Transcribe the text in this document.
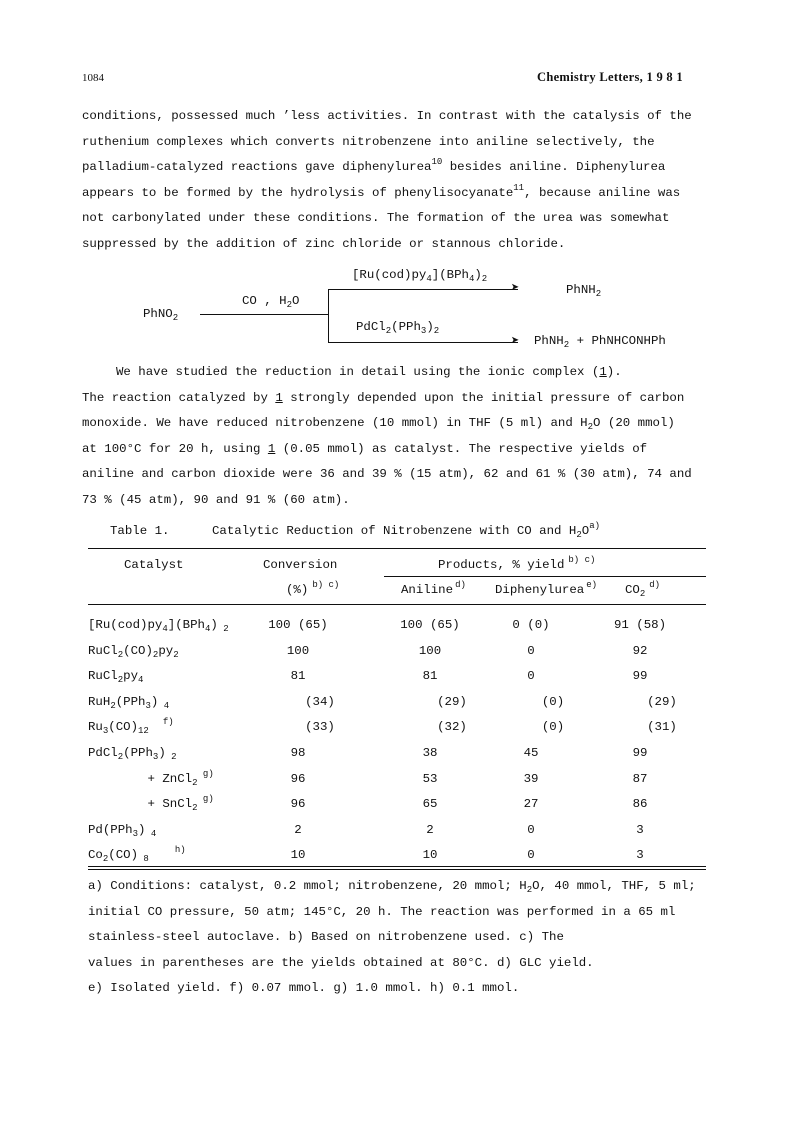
1084	Chemistry Letters, 1 9 8 1
conditions, possessed much ’less activities. In contrast with the catalysis of the
ruthenium complexes which converts nitrobenzene into aniline selectively, the
palladium-catalyzed reactions gave diphenylurea$^{10}$ besides aniline. Diphenylurea
appears to be formed by the hydrolysis of phenylisocyanate$^{11}$, because aniline was
not carbonylated under these conditions. The formation of the urea was somewhat
suppressed by the addition of zinc chloride or stannous chloride.
PhNO$_2$
CO , $H_2O$
➤
➤
$[Ru(cod)py_4](BPh_4)_2$
PhNH$_2$
$PdCl_2(PPh_3)_2$
PhNH$_2$ + PhNHCONHPh
We have studied the reduction in detail using the ionic complex (1).
The reaction catalyzed by 1 strongly depended upon the initial pressure of carbon
monoxide. We have reduced nitrobenzene (10 mmol) in THF (5 ml) and $H_2O$ (20 mmol)
at 100°C for 20 h, using 1 (0.05 mmol) as catalyst. The respective yields of
aniline and carbon dioxide were 36 and 39 % (15 atm), 62 and 61 % (30 atm), 74 and
73 % (45 atm), 90 and 91 % (60 atm).
Table 1.	Catalytic Reduction of Nitrobenzene with CO and $H_2O^{a)}$
Catalyst	Conversion
(%) $^{b) c)}$
Products, % yield $^{b) c)}$
Aniline $^{d)}$ Diphenylurea $^{e)}$ $CO_2^{d)}$
$[Ru(cod)py_4](BPh_4)$ $_2$	100 (65)	100 (65)	0 (0)	91 (58)
$RuCl_2(CO)_2py_2$	100	100	0	92
$RuCl_2py_4$	81	81	0	99
RuH$_2$(PPh$_3$) $_4$	(34)	(29)	(0)	(29)
$Ru_3(CO)_{12}^{f)}$	(33)	(32)	(0)	(31)
PdCl$_2$(PPh$_3$) $_2$	98	38	45	99
+ ZnCl$_2$ $^{g)}$	96	53	39	87
+ SnCl$_2$ $^{g)}$	96	65	27	86
Pd(PPh$_3$) $_4$	2	2	0	3
$Co_2(CO)$ $_8^{h)}$	10	10	0	3
a) Conditions: catalyst, 0.2 mmol; nitrobenzene, 20 mmol; $H_2O$, 40 mmol, THF, 5 ml;
initial CO pressure, 50 atm; 145°C, 20 h. The reaction was performed in a 65 ml
stainless-steel autoclave. b) Based on nitrobenzene used. c) The
values in parentheses are the yields obtained at 80°C. d) GLC yield.
e) Isolated yield. f) 0.07 mmol. g) 1.0 mmol. h) 0.1 mmol.
